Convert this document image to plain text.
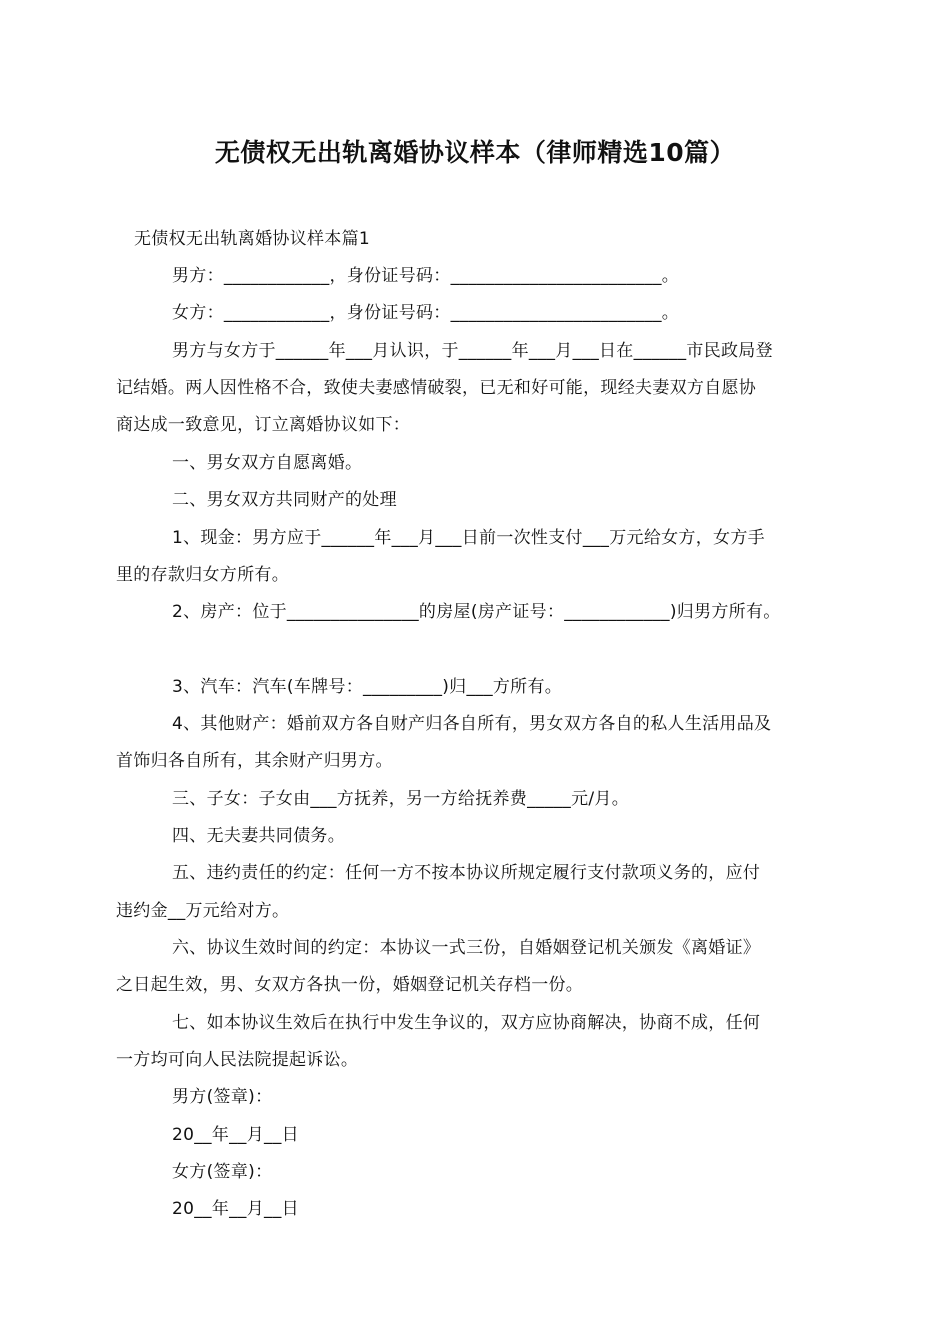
无债权无出轨离婚协议样本（律师精选10篇）
无债权无出轨离婚协议样本篇1
男方：____________，身份证号码：________________________。
女方：____________，身份证号码：________________________。
男方与女方于______年___月认识，于______年___月___日在______市民政局登
记结婚。两人因性格不合，致使夫妻感情破裂，已无和好可能，现经夫妻双方自愿协
商达成一致意见，订立离婚协议如下：
一、男女双方自愿离婚。
二、男女双方共同财产的处理
1、现金：男方应于______年___月___日前一次性支付___万元给女方，女方手
里的存款归女方所有。
2、房产：位于_______________的房屋(房产证号：____________)归男方所有。
3、汽车：汽车(车牌号：_________)归___方所有。
4、其他财产：婚前双方各自财产归各自所有，男女双方各自的私人生活用品及
首饰归各自所有，其余财产归男方。
三、子女：子女由___方抚养，另一方给抚养费_____元/月。
四、无夫妻共同债务。
五、违约责任的约定：任何一方不按本协议所规定履行支付款项义务的，应付
违约金__万元给对方。
六、协议生效时间的约定：本协议一式三份，自婚姻登记机关颁发《离婚证》
之日起生效，男、女双方各执一份，婚姻登记机关存档一份。
七、如本协议生效后在执行中发生争议的，双方应协商解决，协商不成，任何
一方均可向人民法院提起诉讼。
男方(签章)：
20__年__月__日
女方(签章)：
20__年__月__日
